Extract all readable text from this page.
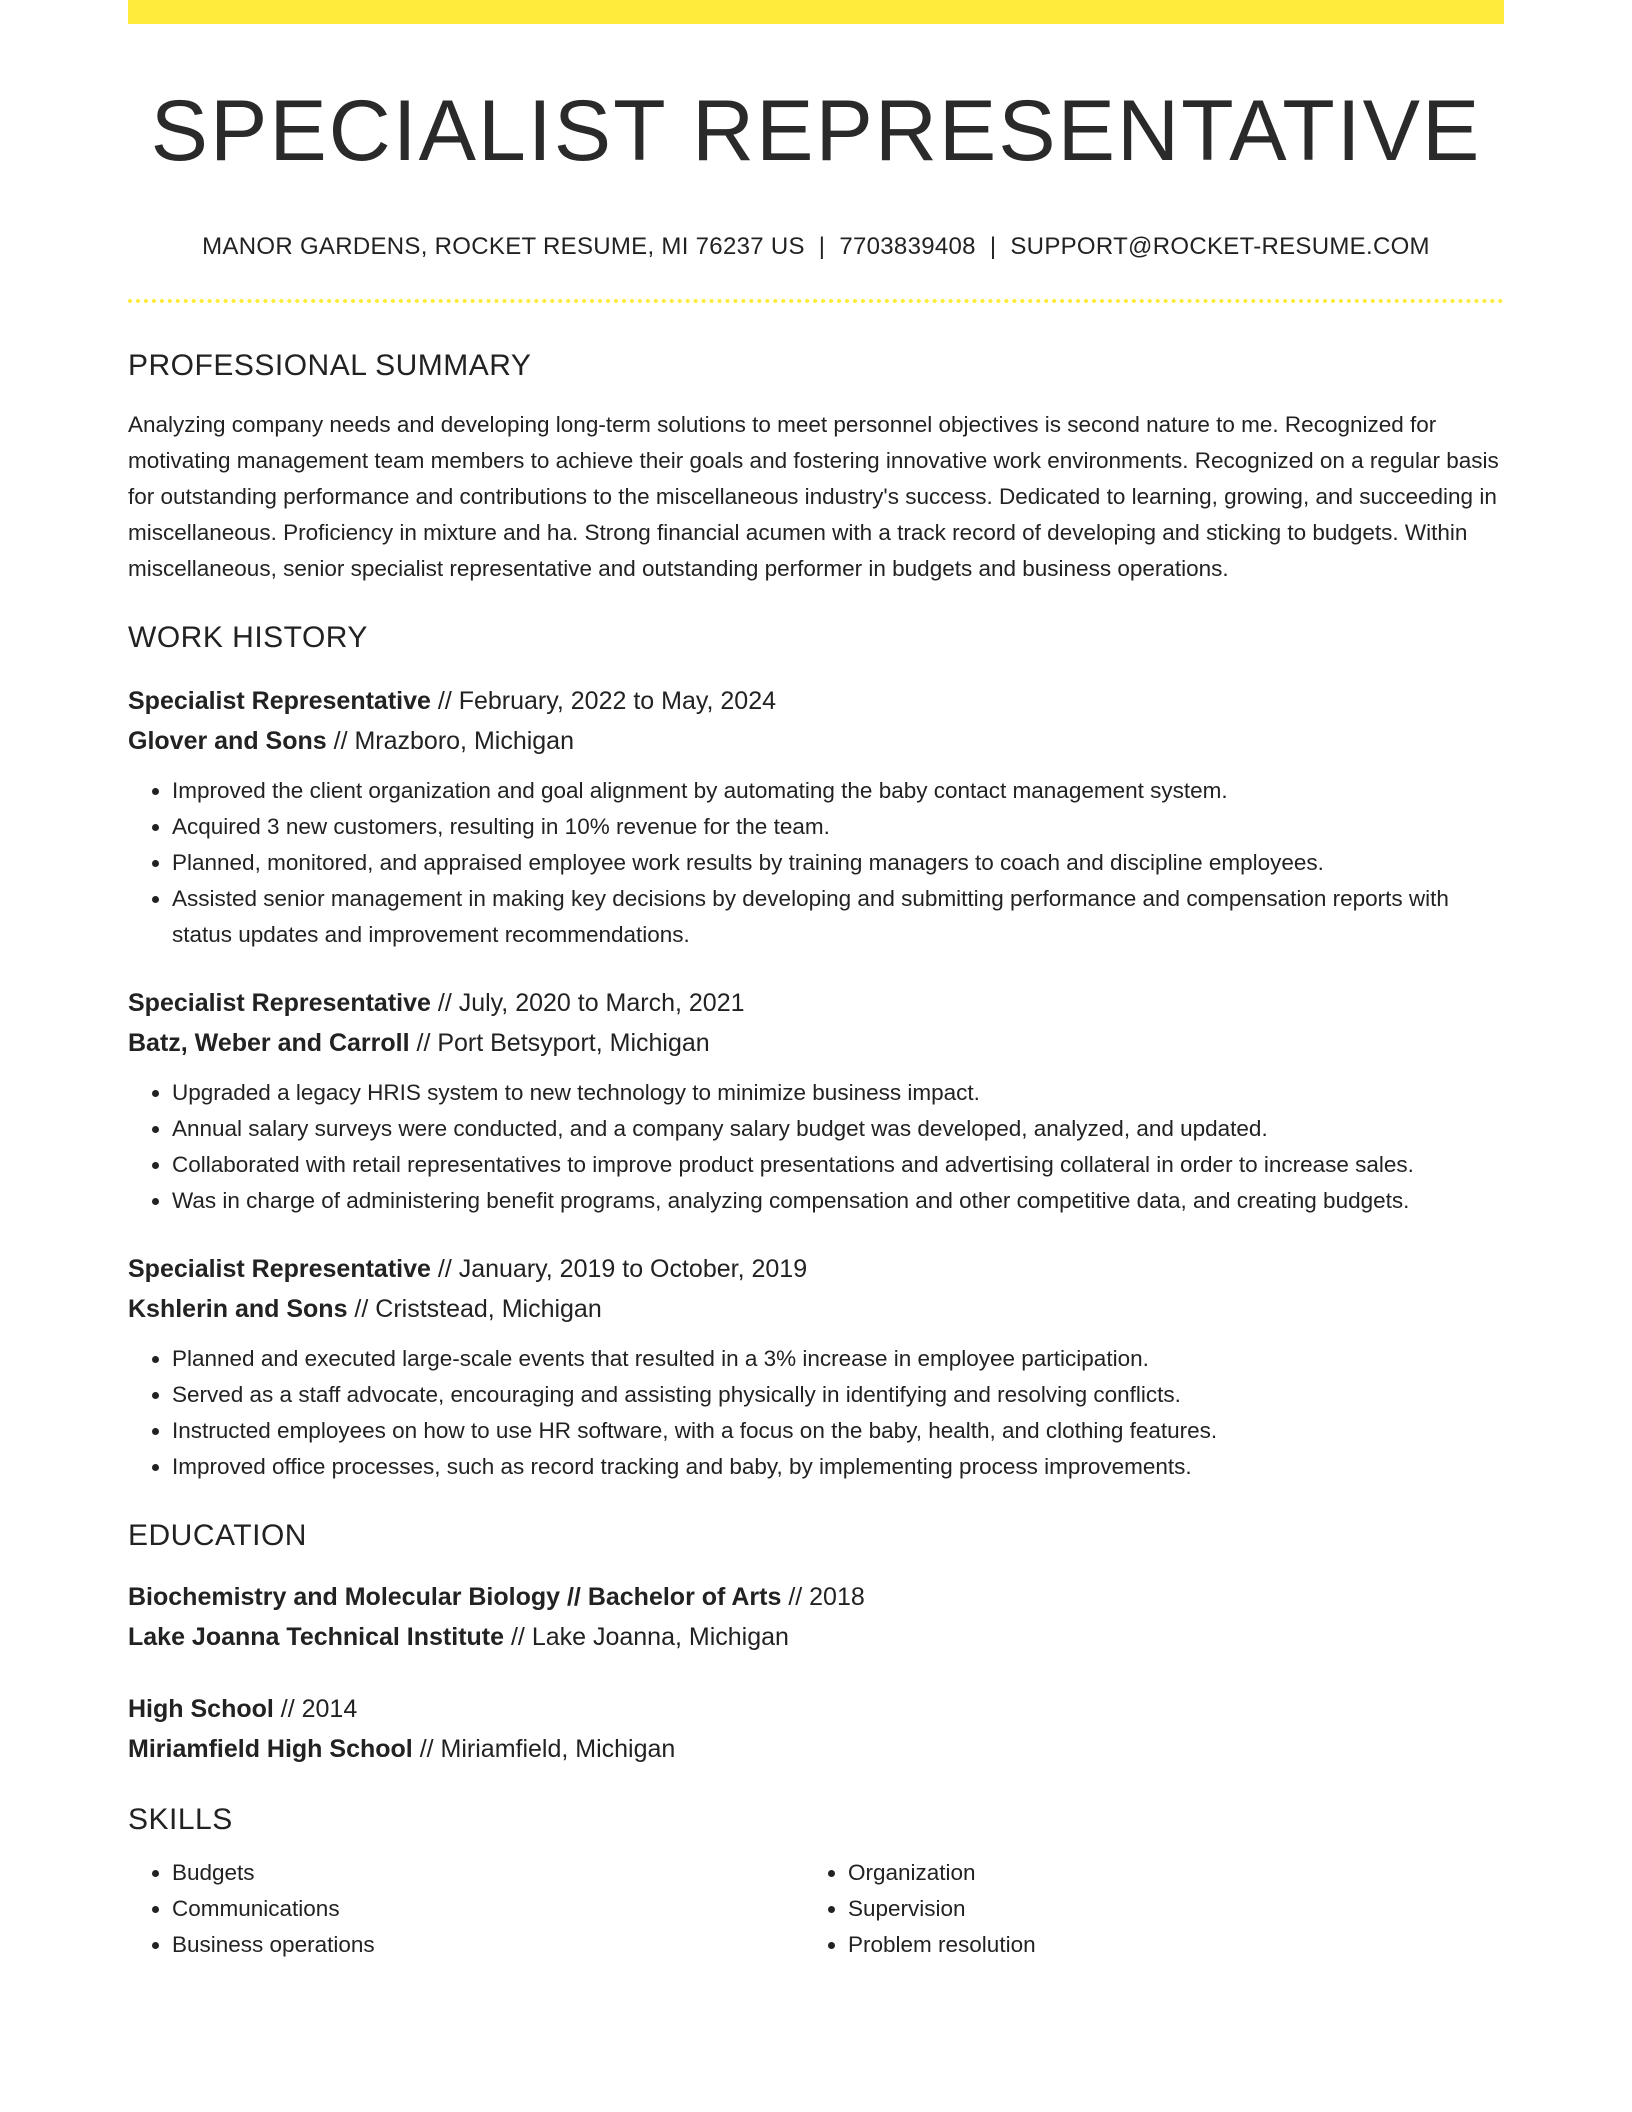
SPECIALIST REPRESENTATIVE
MANOR GARDENS, ROCKET RESUME, MI 76237 US | 7703839408 | SUPPORT@ROCKET-RESUME.COM
PROFESSIONAL SUMMARY

Analyzing company needs and developing long-term solutions to meet personnel objectives is second nature to me. Recognized for motivating management team members to achieve their goals and fostering innovative work environments. Recognized on a regular basis for outstanding performance and contributions to the miscellaneous industry's success. Dedicated to learning, growing, and succeeding in miscellaneous. Proficiency in mixture and ha. Strong financial acumen with a track record of developing and sticking to budgets. Within miscellaneous, senior specialist representative and outstanding performer in budgets and business operations.

WORK HISTORY
Specialist Representative // February, 2022 to May, 2024
Glover and Sons // Mrazboro, Michigan
• Improved the client organization and goal alignment by automating the baby contact management system.
• Acquired 3 new customers, resulting in 10% revenue for the team.
• Planned, monitored, and appraised employee work results by training managers to coach and discipline employees.
• Assisted senior management in making key decisions by developing and submitting performance and compensation reports with status updates and improvement recommendations.
Specialist Representative // July, 2020 to March, 2021
Batz, Weber and Carroll // Port Betsyport, Michigan
• Upgraded a legacy HRIS system to new technology to minimize business impact.
• Annual salary surveys were conducted, and a company salary budget was developed, analyzed, and updated.
• Collaborated with retail representatives to improve product presentations and advertising collateral in order to increase sales.
• Was in charge of administering benefit programs, analyzing compensation and other competitive data, and creating budgets.
Specialist Representative // January, 2019 to October, 2019
Kshlerin and Sons // Criststead, Michigan
• Planned and executed large-scale events that resulted in a 3% increase in employee participation.
• Served as a staff advocate, encouraging and assisting physically in identifying and resolving conflicts.
• Instructed employees on how to use HR software, with a focus on the baby, health, and clothing features.
• Improved office processes, such as record tracking and baby, by implementing process improvements.
EDUCATION
Biochemistry and Molecular Biology // Bachelor of Arts // 2018
Lake Joanna Technical Institute // Lake Joanna, Michigan
High School // 2014
Miriamfield High School // Miriamfield, Michigan
SKILLS
• Budgets
• Communications
• Business operations
• Organization
• Supervision
• Problem resolution
